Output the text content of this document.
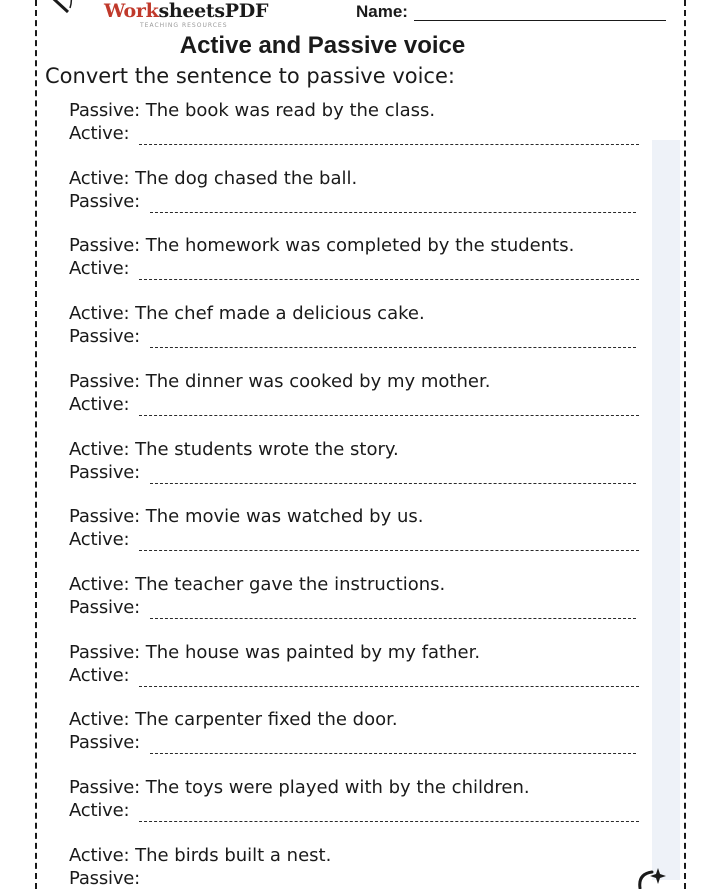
WorksheetsPDF
TEACHING RESOURCES
Name:
Active and Passive voice
Convert the sentence to passive voice:
Passive: The book was read by the class.
Active:
Active: The dog chased the ball.
Passive:
Passive: The homework was completed by the students.
Active:
Active: The chef made a delicious cake.
Passive:
Passive: The dinner was cooked by my mother.
Active:
Active: The students wrote the story.
Passive:
Passive: The movie was watched by us.
Active:
Active: The teacher gave the instructions.
Passive:
Passive: The house was painted by my father.
Active:
Active: The carpenter fixed the door.
Passive:
Passive: The toys were played with by the children.
Active:
Active: The birds built a nest.
Passive:
